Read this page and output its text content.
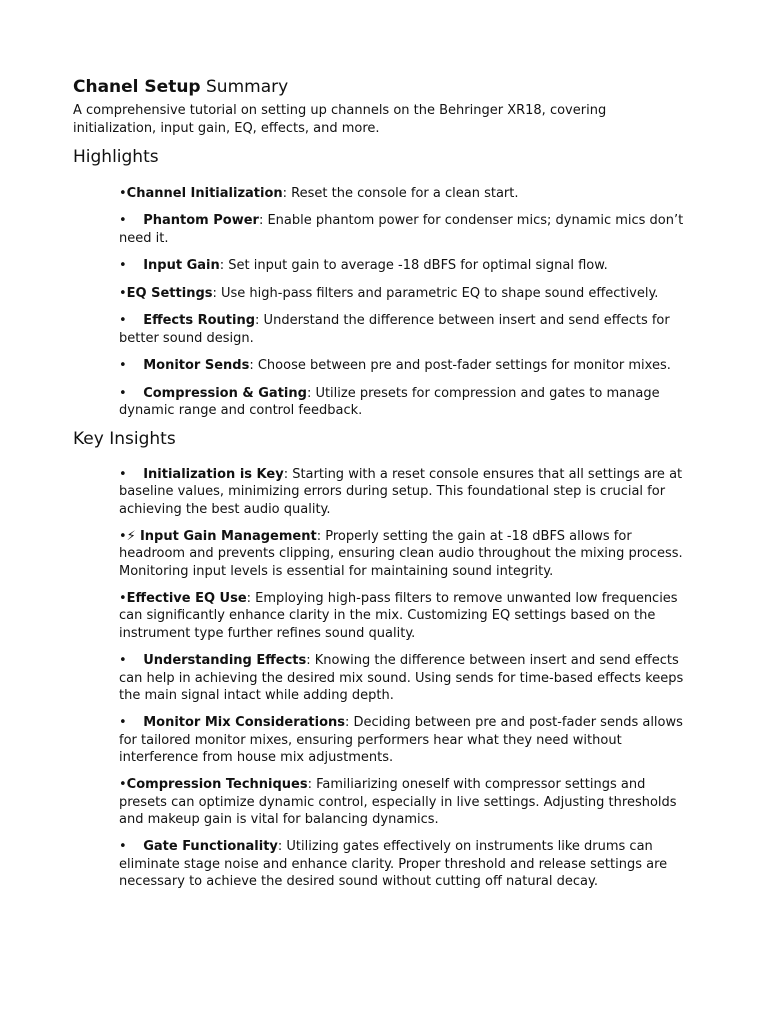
Chanel Setup Summary

A comprehensive tutorial on setting up channels on the Behringer XR18, covering initialization, input gain, EQ, effects, and more.

Highlights
•Channel Initialization: Reset the console for a clean start.
•    Phantom Power: Enable phantom power for condenser mics; dynamic mics don’t need it.
•    Input Gain: Set input gain to average -18 dBFS for optimal signal flow.
•EQ Settings: Use high-pass filters and parametric EQ to shape sound effectively.
•    Effects Routing: Understand the difference between insert and send effects for better sound design.
•    Monitor Sends: Choose between pre and post-fader settings for monitor mixes.
•    Compression & Gating: Utilize presets for compression and gates to manage dynamic range and control feedback.
Key Insights
•    Initialization is Key: Starting with a reset console ensures that all settings are at baseline values, minimizing errors during setup. This foundational step is crucial for achieving the best audio quality.
•⚡ Input Gain Management: Properly setting the gain at -18 dBFS allows for headroom and prevents clipping, ensuring clean audio throughout the mixing process. Monitoring input levels is essential for maintaining sound integrity.
•Effective EQ Use: Employing high-pass filters to remove unwanted low frequencies can significantly enhance clarity in the mix. Customizing EQ settings based on the instrument type further refines sound quality.
•    Understanding Effects: Knowing the difference between insert and send effects can help in achieving the desired mix sound. Using sends for time-based effects keeps the main signal intact while adding depth.
•    Monitor Mix Considerations: Deciding between pre and post-fader sends allows for tailored monitor mixes, ensuring performers hear what they need without interference from house mix adjustments.
•Compression Techniques: Familiarizing oneself with compressor settings and presets can optimize dynamic control, especially in live settings. Adjusting thresholds and makeup gain is vital for balancing dynamics.
•    Gate Functionality: Utilizing gates effectively on instruments like drums can eliminate stage noise and enhance clarity. Proper threshold and release settings are necessary to achieve the desired sound without cutting off natural decay.
